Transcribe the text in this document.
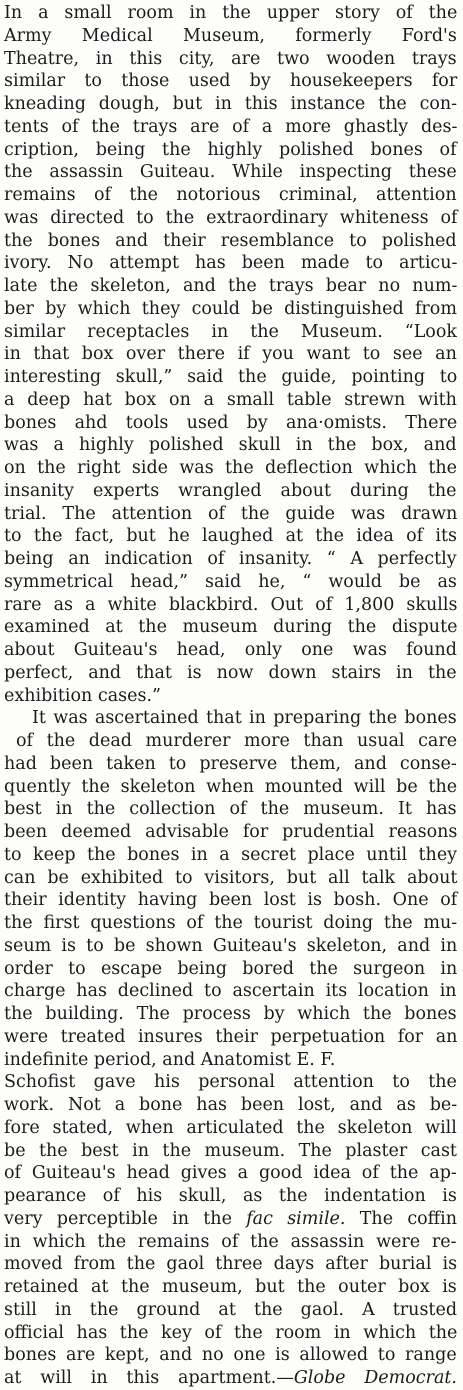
In a small room in the upper story of the
Army Medical Museum, formerly Ford's
Theatre, in this city, are two wooden trays
similar to those used by housekeepers for
kneading dough, but in this instance the con-
tents of the trays are of a more ghastly des-
cription, being the highly polished bones of
the assassin Guiteau. While inspecting these
remains of the notorious criminal, attention
was directed to the extraordinary whiteness of
the bones and their resemblance to polished
ivory. No attempt has been made to articu-
late the skeleton, and the trays bear no num-
ber by which they could be distinguished from
similar receptacles in the Museum. “Look
in that box over there if you want to see an
interesting skull,” said the guide, pointing to
a deep hat box on a small table strewn with
bones ahd tools used by ana·omists. There
was a highly polished skull in the box, and
on the right side was the deflection which the
insanity experts wrangled about during the
trial. The attention of the guide was drawn
to the fact, but he laughed at the idea of its
being an indication of insanity. “ A perfectly
symmetrical head,” said he, “ would be as
rare as a white blackbird. Out of 1,800 skulls
examined at the museum during the dispute
about Guiteau's head, only one was found
perfect, and that is now down stairs in the
exhibition cases.”

It was ascertained that in preparing the bones
of the dead murderer more than usual care
had been taken to preserve them, and conse-
quently the skeleton when mounted will be the
best in the collection of the museum. It has
been deemed advisable for prudential reasons
to keep the bones in a secret place until they
can be exhibited to visitors, but all talk about
their identity having been lost is bosh. One of
the first questions of the tourist doing the mu-
seum is to be shown Guiteau's skeleton, and in
order to escape being bored the surgeon in
charge has declined to ascertain its location in
the building. The process by which the bones
were treated insures their perpetuation for an
indefinite period, and Anatomist E. F.
Schofist gave his personal attention to the
work. Not a bone has been lost, and as be-
fore stated, when articulated the skeleton will
be the best in the museum. The plaster cast
of Guiteau's head gives a good idea of the ap-
pearance of his skull, as the indentation is
very perceptible in the fac simile. The coffin
in which the remains of the assassin were re-
moved from the gaol three days after burial is
retained at the museum, but the outer box is
still in the ground at the gaol. A trusted
official has the key of the room in which the
bones are kept, and no one is allowed to range
at will in this apartment.—Globe Democrat.
